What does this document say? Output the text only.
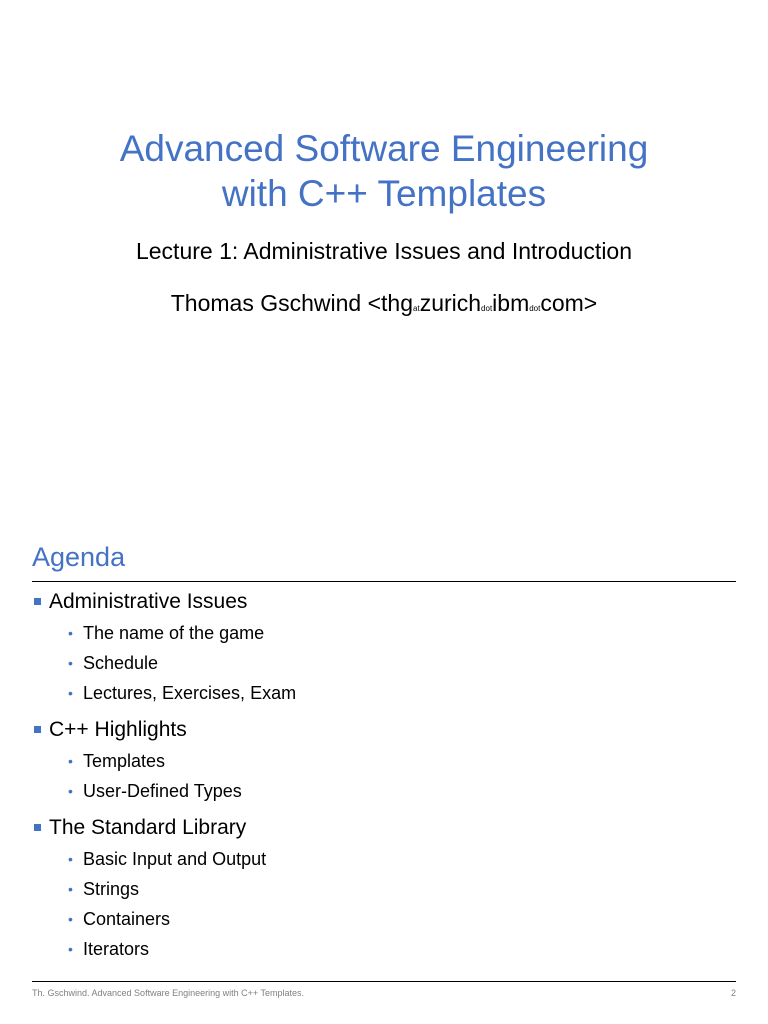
Advanced Software Engineering
with C++ Templates
Lecture 1: Administrative Issues and Introduction
Thomas Gschwind <thgatzurichdotibmdotcom>
Agenda
Administrative Issues
• The name of the game
• Schedule
• Lectures, Exercises, Exam
C++ Highlights
• Templates
• User-Defined Types
The Standard Library
• Basic Input and Output
• Strings
• Containers
• Iterators
Th. Gschwind. Advanced Software Engineering with C++ Templates.	2
